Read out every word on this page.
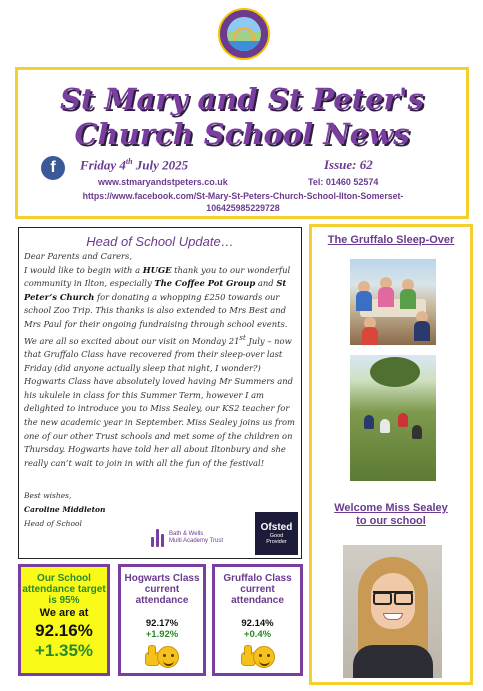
St Mary and St Peter's
Church School News
f	Friday 4th July 2025	Issue: 62
www.stmaryandstpeters.co.uk	Tel: 01460 52574
https://www.facebook.com/St-Mary-St-Peters-Church-School-Ilton-Somerset-
106425985229728
Head of School Update…
Dear Parents and Carers,
I would like to begin with a HUGE thank you to our wonderful community in Ilton, especially The Coffee Pot Group and St Peter’s Church for donating a whopping £250 towards our school Zoo Trip. This thanks is also extended to Mrs Best and Mrs Paul for their ongoing fundraising through school events. We are all so excited about our visit on Monday 21st July – now that Gruffalo Class have recovered from their sleep-over last Friday (did anyone actually sleep that night, I wonder?)
Hogwarts Class have absolutely loved having Mr Summers and his ukulele in class for this Summer Term, however I am delighted to introduce you to Miss Sealey, our KS2 teacher for the new academic year in September. Miss Sealey joins us from one of our other Trust schools and met some of the children on Thursday. Hogwarts have told her all about Iltonbury and she really can’t wait to join in with all the fun of the festival!
Best wishes,
Caroline Middleton
Head of School
Bath & Wells
Multi Academy Trust
Ofsted
Good
Provider
Our School attendance target is 95%
We are at
92.16%
+1.35%
Hogwarts Class current attendance
92.17%
+1.92%
Gruffalo Class current attendance
92.14%
+0.4%
The Gruffalo Sleep-Over
Welcome Miss Sealey
to our school
